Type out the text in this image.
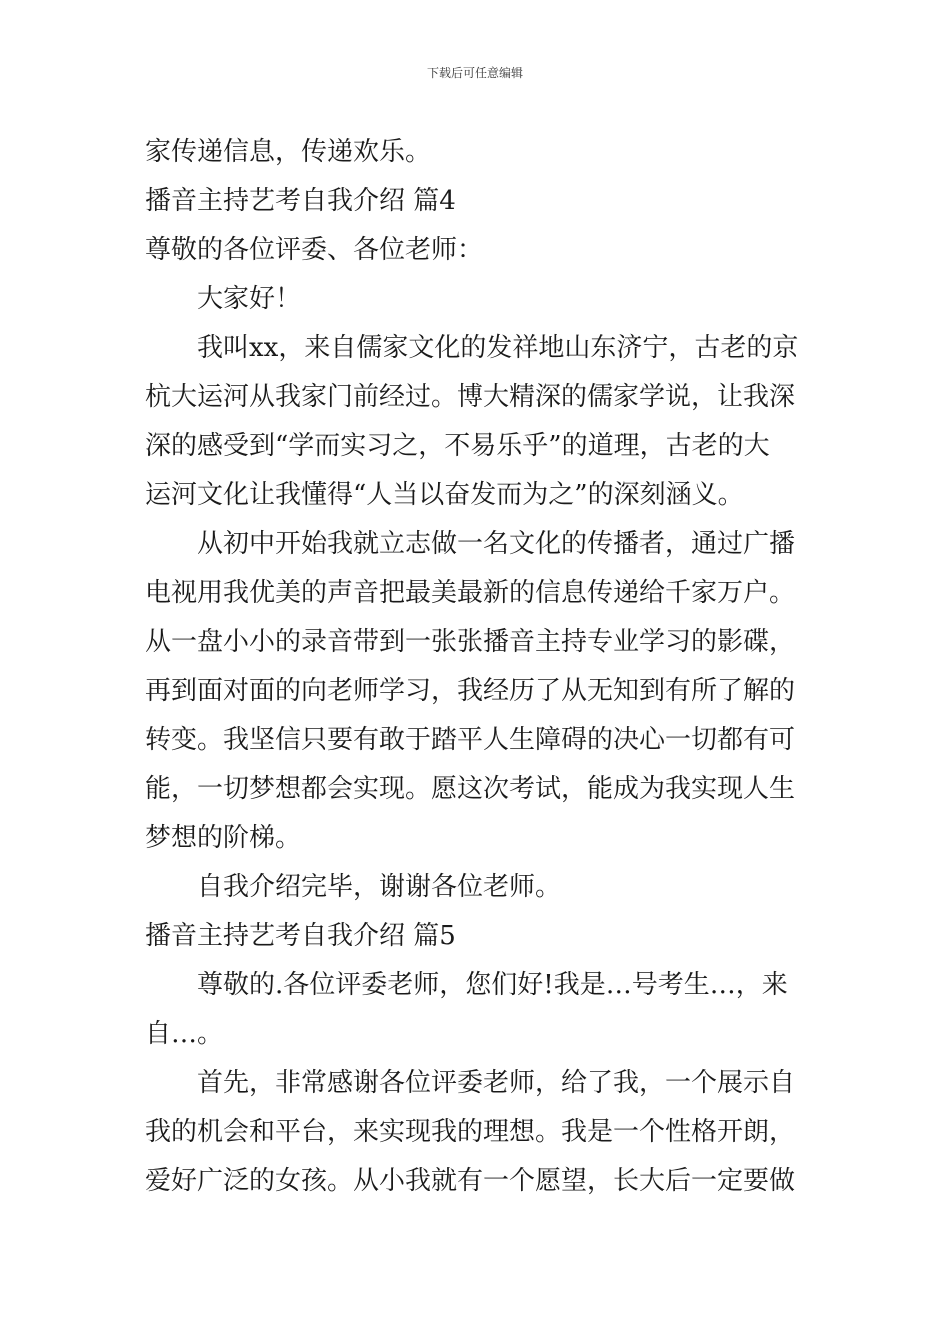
下载后可任意编辑
家传递信息，传递欢乐。
播音主持艺考自我介绍 篇4
尊敬的各位评委、各位老师：
大家好！
我叫xx，来自儒家文化的发祥地山东济宁，古老的京
杭大运河从我家门前经过。博大精深的儒家学说，让我深
深的感受到“学而实习之，不易乐乎”的道理，古老的大
运河文化让我懂得“人当以奋发而为之”的深刻涵义。
从初中开始我就立志做一名文化的传播者，通过广播
电视用我优美的声音把最美最新的信息传递给千家万户。
从一盘小小的录音带到一张张播音主持专业学习的影碟，
再到面对面的向老师学习，我经历了从无知到有所了解的
转变。我坚信只要有敢于踏平人生障碍的决心一切都有可
能，一切梦想都会实现。愿这次考试，能成为我实现人生
梦想的阶梯。
自我介绍完毕，谢谢各位老师。
播音主持艺考自我介绍 篇5
尊敬的.各位评委老师，您们好!我是…号考生…，来
自…。
首先，非常感谢各位评委老师，给了我，一个展示自
我的机会和平台，来实现我的理想。我是一个性格开朗，
爱好广泛的女孩。从小我就有一个愿望，长大后一定要做
